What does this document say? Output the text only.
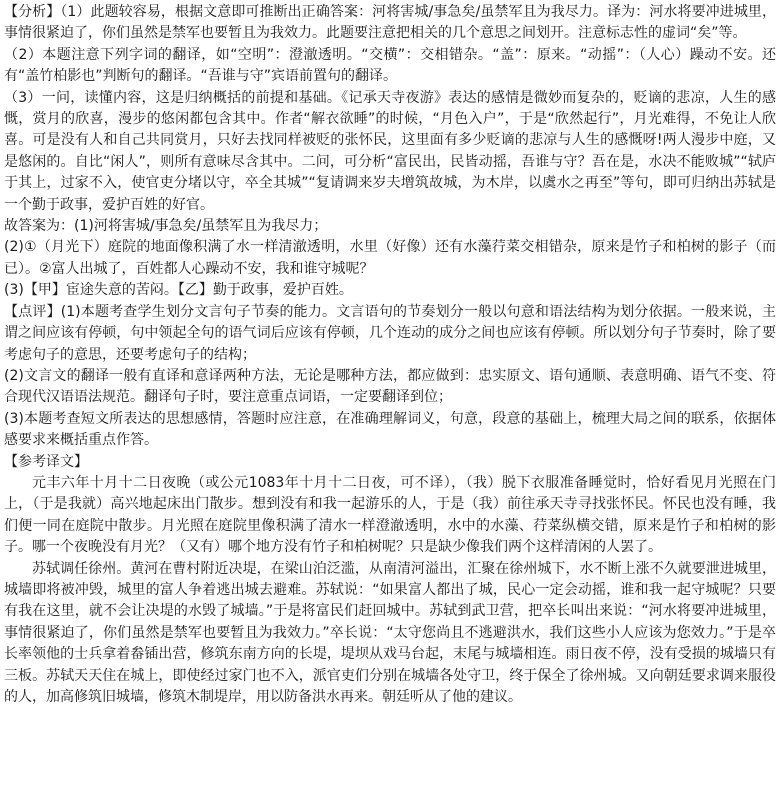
【分析】（1）此题较容易，根据文意即可推断出正确答案：河将害城/事急矣/虽禁军且为我尽力。译为：河水将要冲进城里，事情很紧迫了，你们虽然是禁军也要暂且为我效力。此题要注意把相关的几个意思之间划开。注意标志性的虚词“矣”等。

（2）本题注意下列字词的翻译，如“空明”：澄澈透明。“交横”：交相错杂。“盖”：原来。“动摇”：（人心）躁动不安。还有“盖竹柏影也”判断句的翻译。“吾谁与守”宾语前置句的翻译。

（3）一问，读懂内容，这是归纳概括的前提和基础。《记承天寺夜游》表达的感情是微妙而复杂的，贬谪的悲凉，人生的感慨，赏月的欣喜，漫步的悠闲都包含其中。作者“解衣欲睡”的时候，“月色入户”，于是“欣然起行”，月光难得，不免让人欣喜。可是没有人和自己共同赏月，只好去找同样被贬的张怀民，这里面有多少贬谪的悲凉与人生的感慨呀!两人漫步中庭，又是悠闲的。自比“闲人”，则所有意味尽含其中。二问，可分析“富民出，民皆动摇，吾谁与守？吾在是，水决不能败城”“轼庐于其上，过家不入，使官吏分堵以守，卒全其城”“复请调来岁夫增筑故城，为木岸，以虞水之再至”等句，即可归纳出苏轼是一个勤于政事，爱护百姓的好官。

故答案为：(1)河将害城/事急矣/虽禁军且为我尽力；

(2)①（月光下）庭院的地面像积满了水一样清澈透明，水里（好像）还有水藻荇菜交相错杂，原来是竹子和柏树的影子（而已）。②富人出城了，百姓都人心躁动不安，我和谁守城呢？

(3)【甲】宦途失意的苦闷。【乙】勤于政事，爱护百姓。

【点评】(1)本题考查学生划分文言句子节奏的能力。文言语句的节奏划分一般以句意和语法结构为划分依据。一般来说，主谓之间应该有停顿，句中领起全句的语气词后应该有停顿，几个连动的成分之间也应该有停顿。所以划分句子节奏时，除了要考虑句子的意思，还要考虑句子的结构；

(2)文言文的翻译一般有直译和意译两种方法，无论是哪种方法，都应做到：忠实原文、语句通顺、表意明确、语气不变、符合现代汉语语法规范。翻译句子时，要注意重点词语，一定要翻译到位；

(3)本题考查短文所表达的思想感情，答题时应注意，在准确理解词义，句意，段意的基础上，梳理大局之间的联系，依据体感要求来概括重点作答。

【参考译文】

元丰六年十月十二日夜晚（或公元1083年十月十二日夜，可不译），（我）脱下衣服准备睡觉时，恰好看见月光照在门上，（于是我就）高兴地起床出门散步。想到没有和我一起游乐的人，于是（我）前往承天寺寻找张怀民。怀民也没有睡，我们便一同在庭院中散步。月光照在庭院里像积满了清水一样澄澈透明，水中的水藻、荇菜纵横交错，原来是竹子和柏树的影子。哪一个夜晚没有月光？（又有）哪个地方没有竹子和柏树呢？只是缺少像我们两个这样清闲的人罢了。

苏轼调任徐州。黄河在曹村附近决堤，在梁山泊泛滥，从南清河溢出，汇聚在徐州城下，水不断上涨不久就要泄进城里，城墙即将被冲毁，城里的富人争着逃出城去避难。苏轼说：“如果富人都出了城，民心一定会动摇，谁和我一起守城呢？只要有我在这里，就不会让决堤的水毁了城墙。”于是将富民们赶回城中。苏轼到武卫营，把卒长叫出来说：“河水将要冲进城里，事情很紧迫了，你们虽然是禁军也要暂且为我效力。”卒长说：“太守您尚且不逃避洪水，我们这些小人应该为您效力。”于是卒长率领他的士兵拿着畚锸出营，修筑东南方向的长堤，堤坝从戏马台起，末尾与城墙相连。雨日夜不停，没有受损的城墙只有三板。苏轼天天住在城上，即使经过家门也不入，派官吏们分别在城墙各处守卫，终于保全了徐州城。又向朝廷要求调来服役的人，加高修筑旧城墙，修筑木制堤岸，用以防备洪水再来。朝廷听从了他的建议。
